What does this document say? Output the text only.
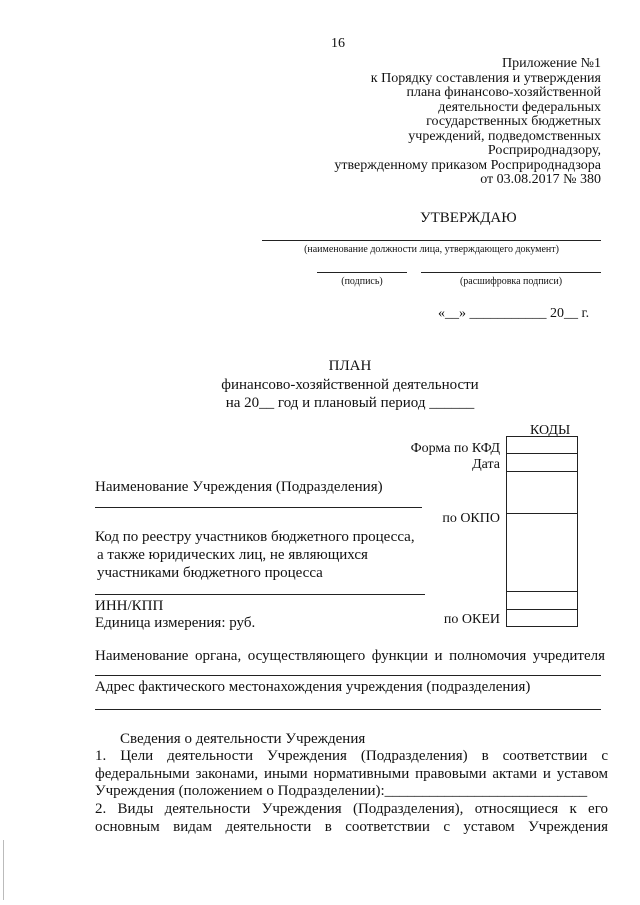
16
Приложение №1
к Порядку составления и утверждения
плана финансово-хозяйственной
деятельности федеральных
государственных бюджетных
учреждений, подведомственных
Росприроднадзору,
утвержденному приказом Росприроднадзора
от 03.08.2017 № 380
УТВЕРЖДАЮ
(наименование должности лица, утверждающего документ)
(подпись)	(расшифровка подписи)
«__» ___________ 20__ г.
ПЛАН
финансово-хозяйственной деятельности
на 20__ год и плановый период ______
КОДЫ
Форма по КФД
Дата
по ОКПО
по ОКЕИ
Наименование Учреждения (Подразделения)
Код по реестру участников бюджетного процесса,
а также юридических лиц, не являющихся
участниками бюджетного процесса
ИНН/КПП
Единица измерения: руб.
Наименование органа, осуществляющего функции и полномочия учредителя
Адрес фактического местонахождения учреждения (подразделения)
Сведения о деятельности Учреждения
1. Цели деятельности Учреждения (Подразделения) в соответствии с
федеральными законами, иными нормативными правовыми актами и уставом
Учреждения (положением о Подразделении):___________________________
2. Виды деятельности Учреждения (Подразделения), относящиеся к его
основным видам деятельности в соответствии с уставом Учреждения
